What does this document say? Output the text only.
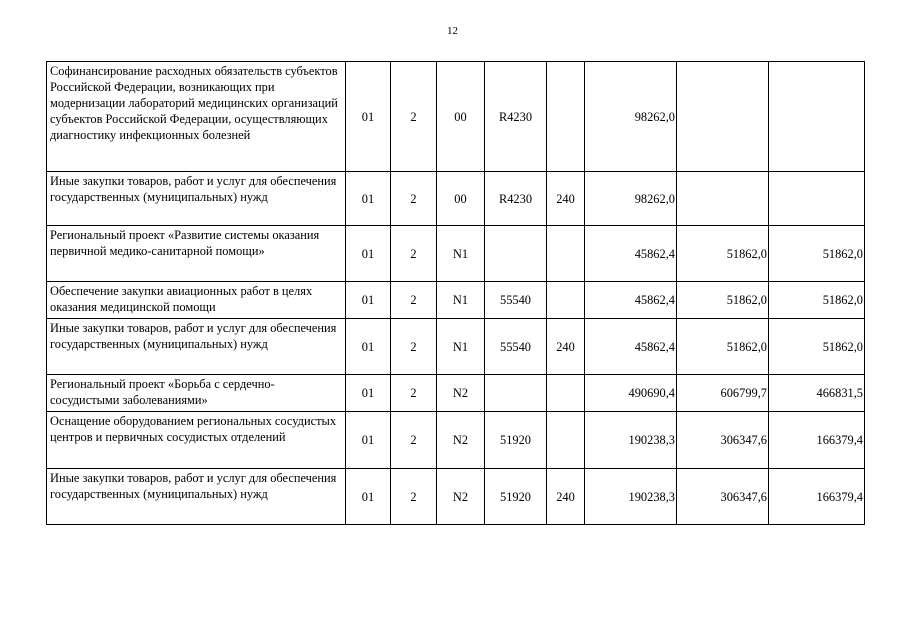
12
Софинансирование расходных обязательств субъектов Российской Федерации, возникающих при модернизации лабораторий медицинских организаций субъектов Российской Федерации, осуществляющих диагностику инфекционных болезней	01	2	00	R4230		98262,0		
Иные закупки товаров, работ и услуг для обеспечения государственных (муниципальных) нужд	01	2	00	R4230	240	98262,0		
Региональный проект «Развитие системы оказания первичной медико-санитарной помощи»	01	2	N1			45862,4	51862,0	51862,0
Обеспечение закупки авиационных работ в целях оказания медицинской помощи	01	2	N1	55540		45862,4	51862,0	51862,0
Иные закупки товаров, работ и услуг для обеспечения государственных (муниципальных) нужд	01	2	N1	55540	240	45862,4	51862,0	51862,0
Региональный проект «Борьба с сердечно-сосудистыми заболеваниями»	01	2	N2			490690,4	606799,7	466831,5
Оснащение оборудованием региональных сосудистых центров и первичных сосудистых отделений	01	2	N2	51920		190238,3	306347,6	166379,4
Иные закупки товаров, работ и услуг для обеспечения государственных (муниципальных) нужд	01	2	N2	51920	240	190238,3	306347,6	166379,4
